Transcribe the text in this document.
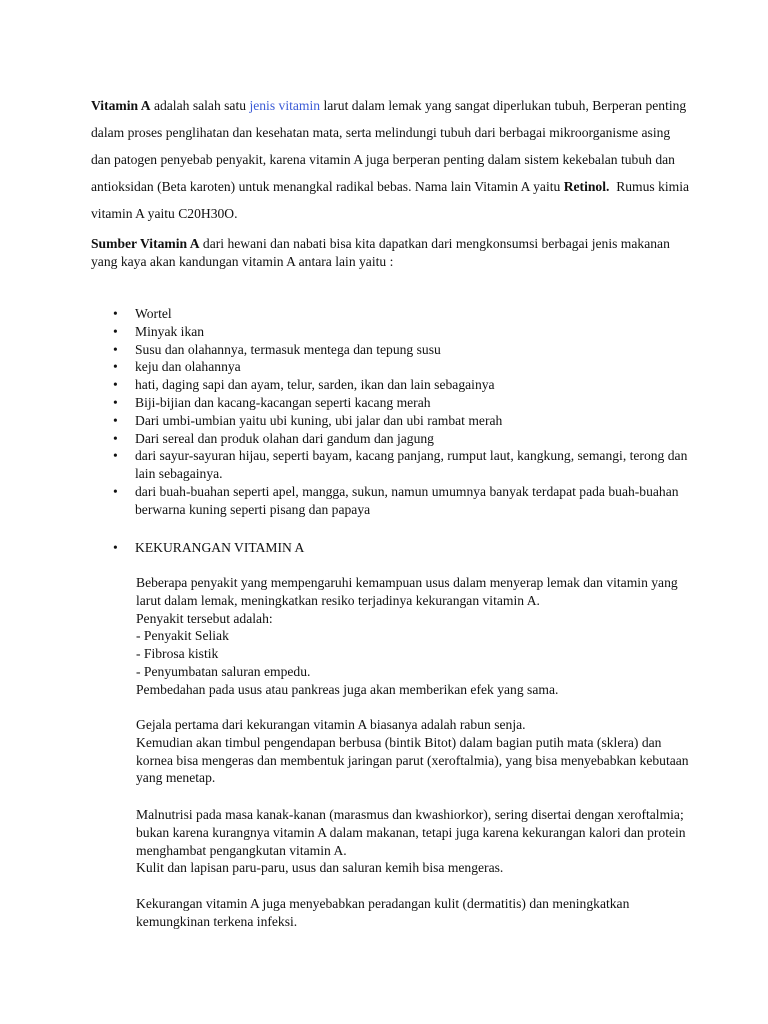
Vitamin A adalah salah satu jenis vitamin larut dalam lemak yang sangat diperlukan tubuh, Berperan penting dalam proses penglihatan dan kesehatan mata, serta melindungi tubuh dari berbagai mikroorganisme asing dan patogen penyebab penyakit, karena vitamin A juga berperan penting dalam sistem kekebalan tubuh dan antioksidan (Beta karoten) untuk menangkal radikal bebas. Nama lain Vitamin A yaitu Retinol.  Rumus kimia vitamin A yaitu C20H30O.
Sumber Vitamin A dari hewani dan nabati bisa kita dapatkan dari mengkonsumsi berbagai jenis makanan yang kaya akan kandungan vitamin A antara lain yaitu :
• Wortel
• Minyak ikan
• Susu dan olahannya, termasuk mentega dan tepung susu
• keju dan olahannya
• hati, daging sapi dan ayam, telur, sarden, ikan dan lain sebagainya
• Biji-bijian dan kacang-kacangan seperti kacang merah
• Dari umbi-umbian yaitu ubi kuning, ubi jalar dan ubi rambat merah
• Dari sereal dan produk olahan dari gandum dan jagung
• dari sayur-sayuran hijau, seperti bayam, kacang panjang, rumput laut, kangkung, semangi, terong dan lain sebagainya.
• dari buah-buahan seperti apel, mangga, sukun, namun umumnya banyak terdapat pada buah-buahan berwarna kuning seperti pisang dan papaya
• KEKURANGAN VITAMIN A
Beberapa penyakit yang mempengaruhi kemampuan usus dalam menyerap lemak dan vitamin yang larut dalam lemak, meningkatkan resiko terjadinya kekurangan vitamin A.
Penyakit tersebut adalah:
- Penyakit Seliak
- Fibrosa kistik
- Penyumbatan saluran empedu.
Pembedahan pada usus atau pankreas juga akan memberikan efek yang sama.
Gejala pertama dari kekurangan vitamin A biasanya adalah rabun senja.
Kemudian akan timbul pengendapan berbusa (bintik Bitot) dalam bagian putih mata (sklera) dan kornea bisa mengeras dan membentuk jaringan parut (xeroftalmia), yang bisa menyebabkan kebutaan yang menetap.
Malnutrisi pada masa kanak-kanan (marasmus dan kwashiorkor), sering disertai dengan xeroftalmia; bukan karena kurangnya vitamin A dalam makanan, tetapi juga karena kekurangan kalori dan protein menghambat pengangkutan vitamin A.
Kulit dan lapisan paru-paru, usus dan saluran kemih bisa mengeras.
Kekurangan vitamin A juga menyebabkan peradangan kulit (dermatitis) dan meningkatkan kemungkinan terkena infeksi.
